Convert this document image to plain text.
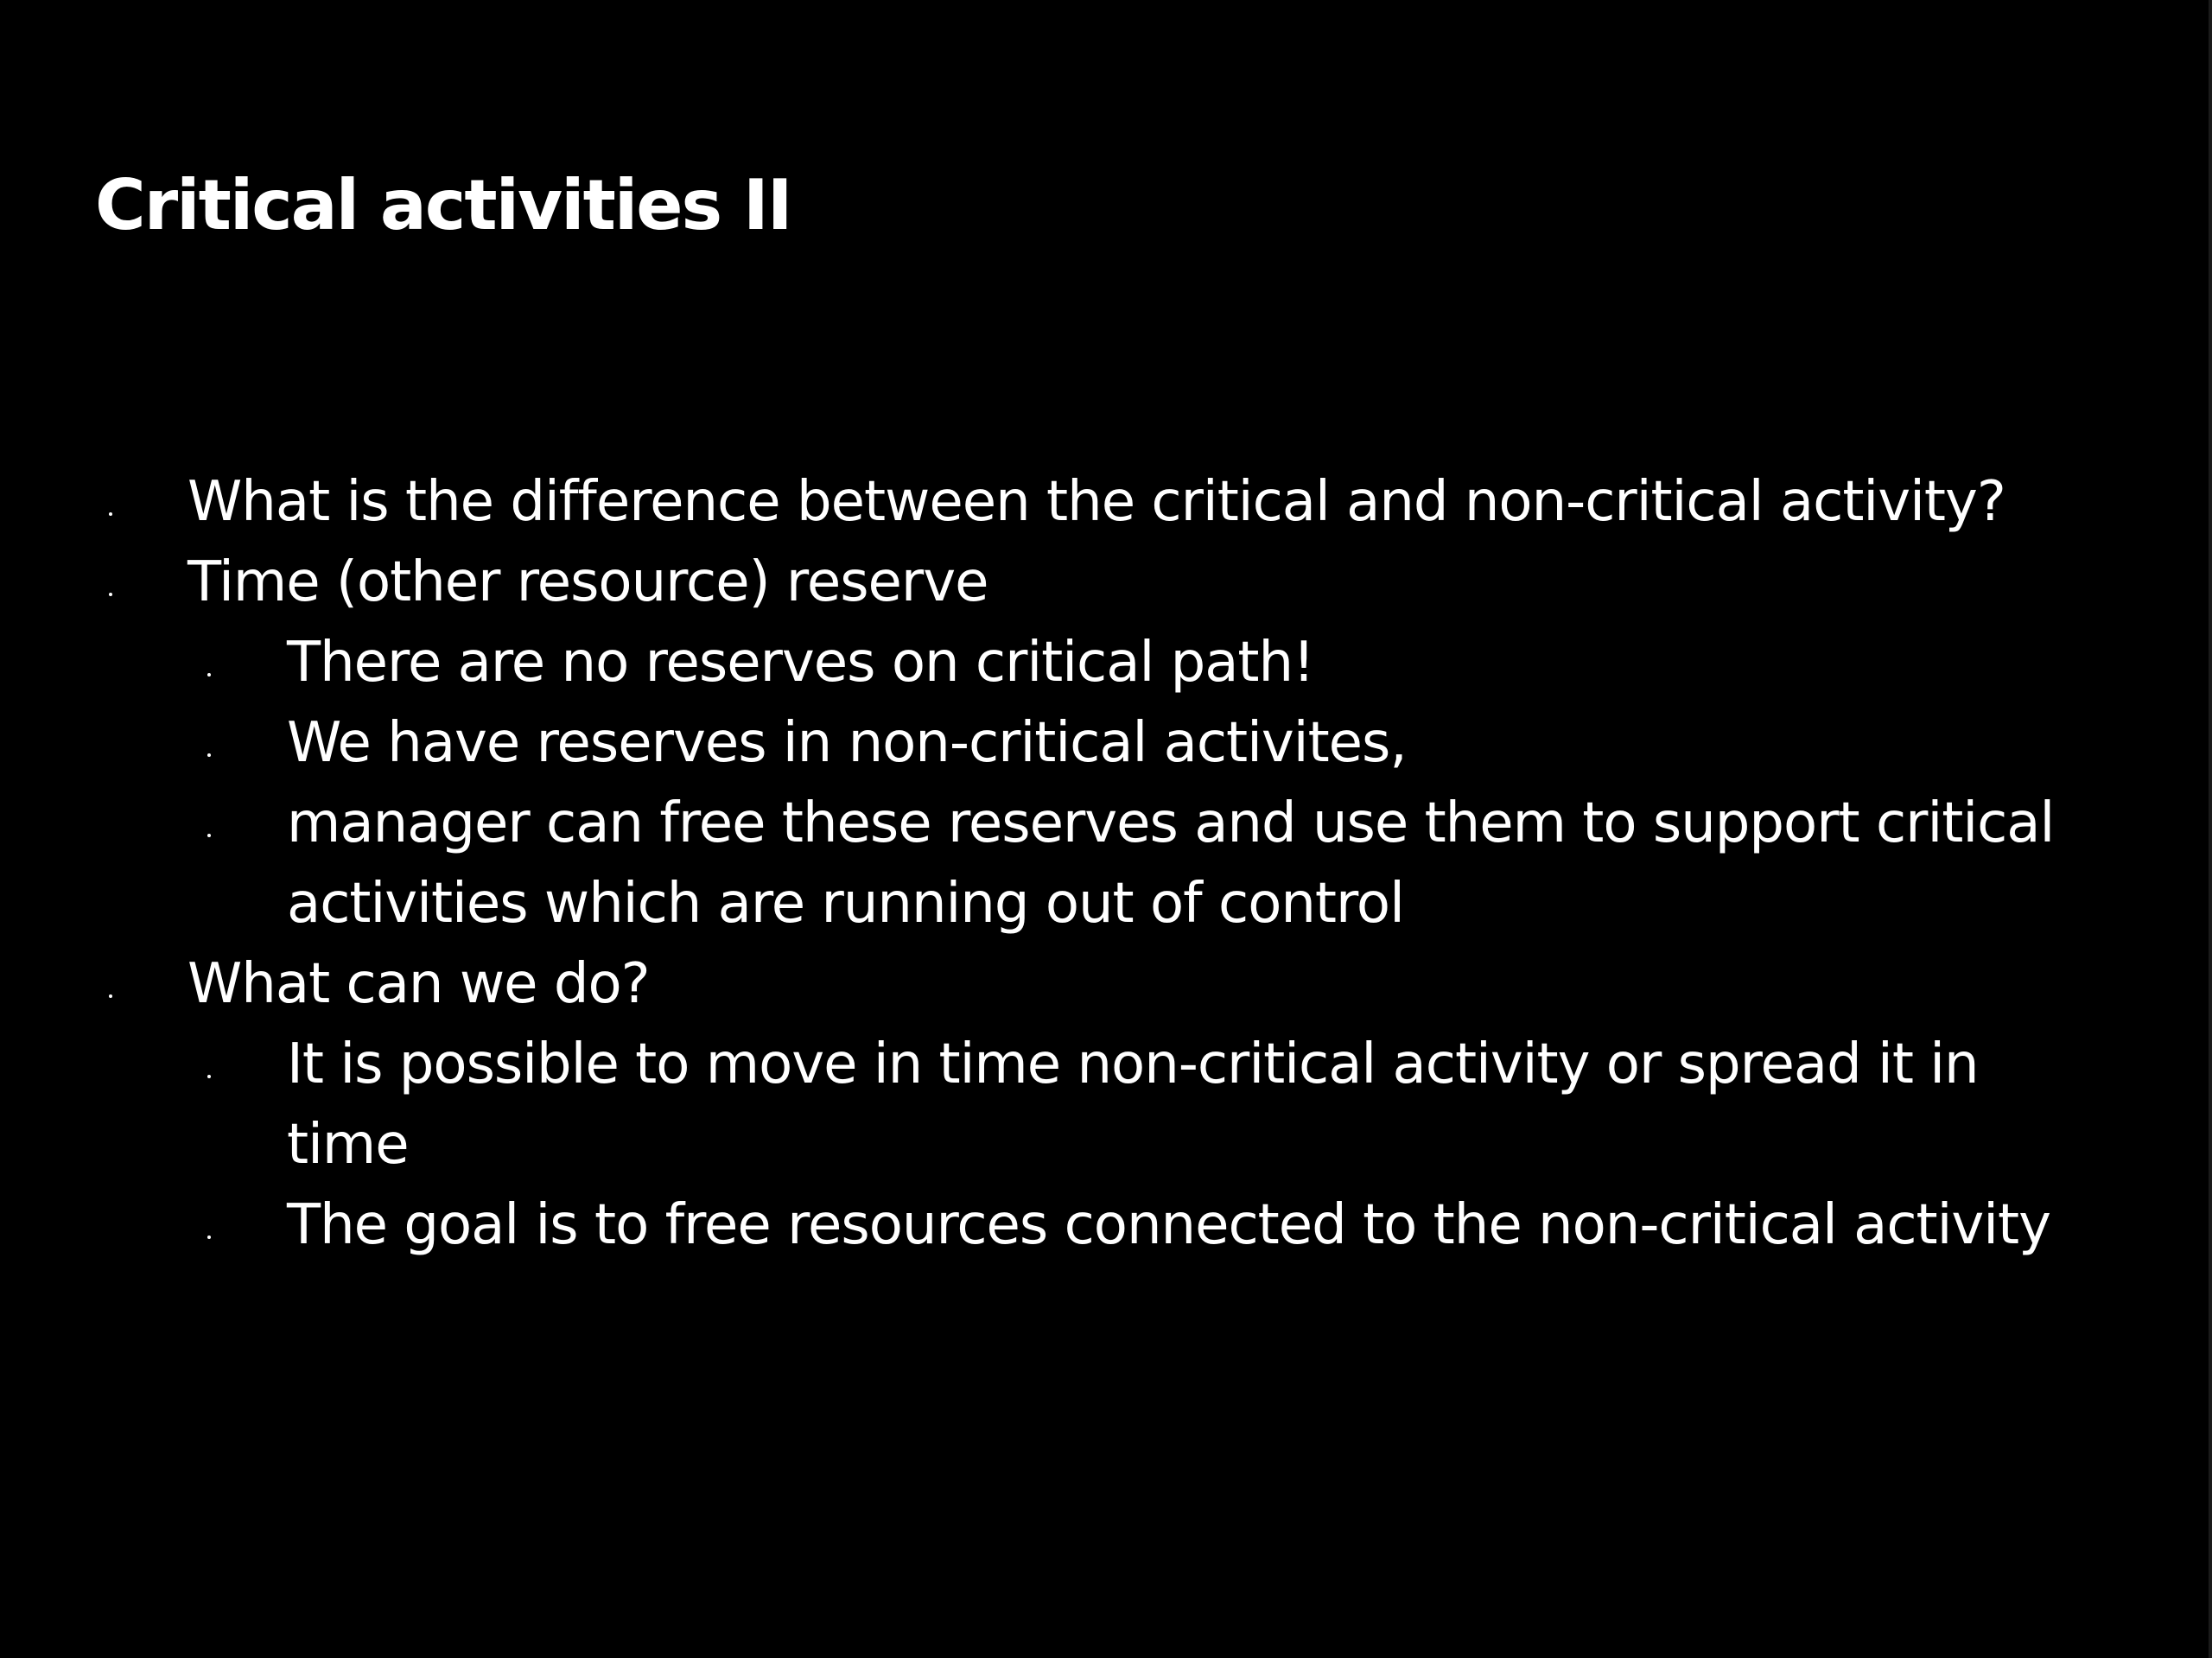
Critical activities II
What is the difference between the critical and non-critical activity?
Time (other resource) reserve
There are no reserves on critical path!
We have reserves in non-critical activites,
manager can free these reserves and use them to support critical activities which are running out of control
What can we do?
It is possible to move in time non-critical activity or spread it in time
The goal is to free resources connected to the non-critical activity
